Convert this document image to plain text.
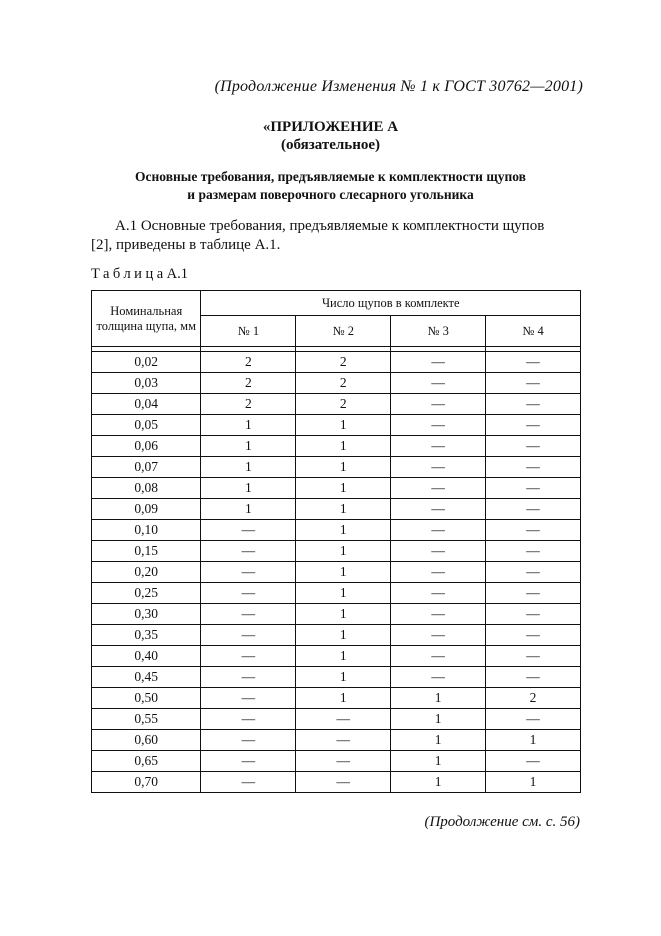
(Продолжение Изменения № 1 к ГОСТ 30762—2001)
«ПРИЛОЖЕНИЕ А
(обязательное)
Основные требования, предъявляемые к комплектности щупов
и размерам поверочного слесарного угольника
А.1 Основные требования, предъявляемые к комплектности щупов
[2], приведены в таблице А.1.
ТаблицаА.1
Номинальная толщина щупа, мм	Число щупов в комплекте			
	№ 1	№ 2	№ 3	№ 4

0,02	2	2	—	—
0,03	2	2	—	—
0,04	2	2	—	—
0,05	1	1	—	—
0,06	1	1	—	—
0,07	1	1	—	—
0,08	1	1	—	—
0,09	1	1	—	—
0,10	—	1	—	—
0,15	—	1	—	—
0,20	—	1	—	—
0,25	—	1	—	—
0,30	—	1	—	—
0,35	—	1	—	—
0,40	—	1	—	—
0,45	—	1	—	—
0,50	—	1	1	2
0,55	—	—	1	—
0,60	—	—	1	1
0,65	—	—	1	—
0,70	—	—	1	1
(Продолжение см. с. 56)
